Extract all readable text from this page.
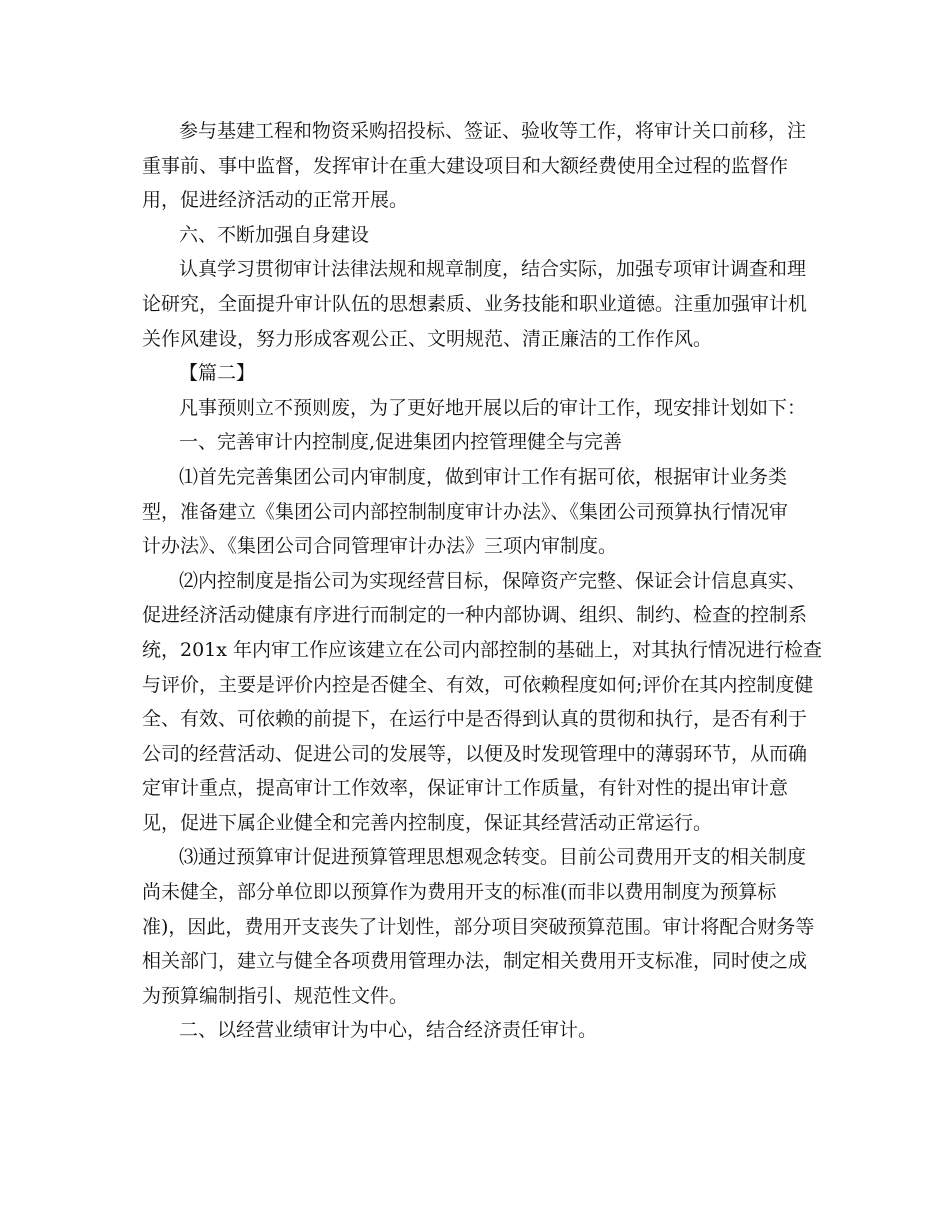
参与基建工程和物资采购招投标、签证、验收等工作，将审计关口前移，注
重事前、事中监督，发挥审计在重大建设项目和大额经费使用全过程的监督作
用，促进经济活动的正常开展。
六、不断加强自身建设
认真学习贯彻审计法律法规和规章制度，结合实际，加强专项审计调查和理
论研究，全面提升审计队伍的思想素质、业务技能和职业道德。注重加强审计机
关作风建设，努力形成客观公正、文明规范、清正廉洁的工作作风。
【篇二】
凡事预则立不预则废，为了更好地开展以后的审计工作，现安排计划如下：
一、完善审计内控制度,促进集团内控管理健全与完善
⑴首先完善集团公司内审制度，做到审计工作有据可依，根据审计业务类
型，准备建立《集团公司内部控制制度审计办法》、《集团公司预算执行情况审
计办法》、《集团公司合同管理审计办法》三项内审制度。
⑵内控制度是指公司为实现经营目标，保障资产完整、保证会计信息真实、
促进经济活动健康有序进行而制定的一种内部协调、组织、制约、检查的控制系
统，201x 年内审工作应该建立在公司内部控制的基础上，对其执行情况进行检查
与评价，主要是评价内控是否健全、有效，可依赖程度如何;评价在其内控制度健
全、有效、可依赖的前提下，在运行中是否得到认真的贯彻和执行，是否有利于
公司的经营活动、促进公司的发展等，以便及时发现管理中的薄弱环节，从而确
定审计重点，提高审计工作效率，保证审计工作质量，有针对性的提出审计意
见，促进下属企业健全和完善内控制度，保证其经营活动正常运行。
⑶通过预算审计促进预算管理思想观念转变。目前公司费用开支的相关制度
尚未健全，部分单位即以预算作为费用开支的标准(而非以费用制度为预算标
准)，因此，费用开支丧失了计划性，部分项目突破预算范围。审计将配合财务等
相关部门，建立与健全各项费用管理办法，制定相关费用开支标准，同时使之成
为预算编制指引、规范性文件。
二、以经营业绩审计为中心，结合经济责任审计。
